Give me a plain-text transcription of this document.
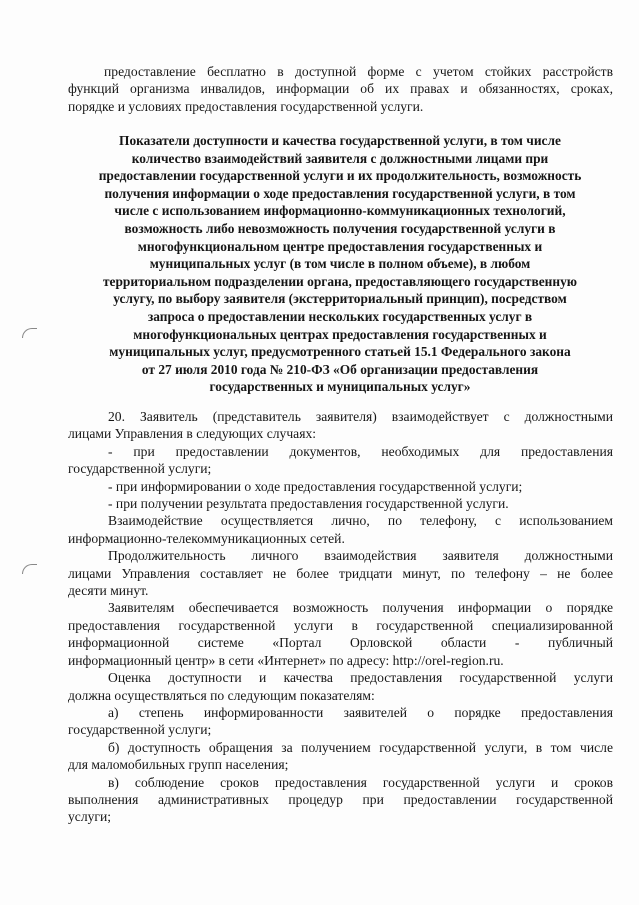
предоставление бесплатно в доступной форме с учетом стойких расстройств
функций организма инвалидов, информации об их правах и обязанностях, сроках,
порядке и условиях предоставления государственной услуги.
Показатели доступности и качества государственной услуги, в том числе
количество взаимодействий заявителя с должностными лицами при
предоставлении государственной услуги и их продолжительность, возможность
получения информации о ходе предоставления государственной услуги, в том
числе с использованием информационно-коммуникационных технологий,
возможность либо невозможность получения государственной услуги в
многофункциональном центре предоставления государственных и
муниципальных услуг (в том числе в полном объеме), в любом
территориальном подразделении органа, предоставляющего государственную
услугу, по выбору заявителя (экстерриториальный принцип), посредством
запроса о предоставлении нескольких государственных услуг в
многофункциональных центрах предоставления государственных и
муниципальных услуг, предусмотренного статьей 15.1 Федерального закона
от 27 июля 2010 года № 210-ФЗ «Об организации предоставления
государственных и муниципальных услуг»
20. Заявитель (представитель заявителя) взаимодействует с должностными
лицами Управления в следующих случаях:
- при предоставлении документов, необходимых для предоставления
государственной услуги;
- при информировании о ходе предоставления государственной услуги;
- при получении результата предоставления государственной услуги.
Взаимодействие осуществляется лично, по телефону, с использованием
информационно-телекоммуникационных сетей.
Продолжительность личного взаимодействия заявителя должностными
лицами Управления составляет не более тридцати минут, по телефону – не более
десяти минут.
Заявителям обеспечивается возможность получения информации о порядке
предоставления государственной услуги в государственной специализированной
информационной системе «Портал Орловской области - публичный
информационный центр» в сети «Интернет» по адресу: http://orel-region.ru.
Оценка доступности и качества предоставления государственной услуги
должна осуществляться по следующим показателям:
а) степень информированности заявителей о порядке предоставления
государственной услуги;
б) доступность обращения за получением государственной услуги, в том числе
для маломобильных групп населения;
в) соблюдение сроков предоставления государственной услуги и сроков
выполнения административных процедур при предоставлении государственной
услуги;
